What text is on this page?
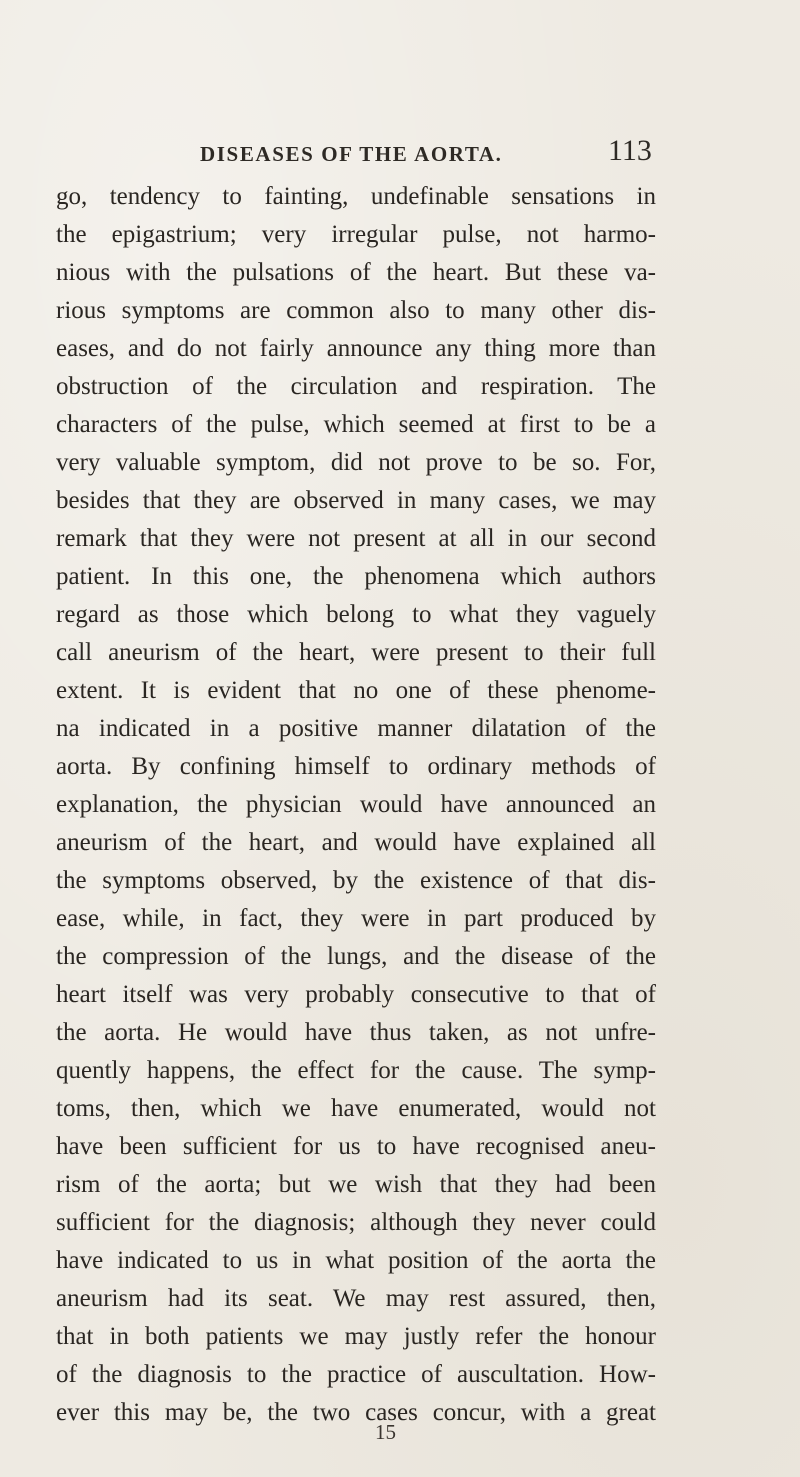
DISEASES OF THE AORTA.	113
go, tendency to fainting, undefinable sensations in
the epigastrium; very irregular pulse, not harmo-
nious with the pulsations of the heart. But these va-
rious symptoms are common also to many other dis-
eases, and do not fairly announce any thing more than
obstruction of the circulation and respiration. The
characters of the pulse, which seemed at first to be a
very valuable symptom, did not prove to be so. For,
besides that they are observed in many cases, we may
remark that they were not present at all in our second
patient. In this one, the phenomena which authors
regard as those which belong to what they vaguely
call aneurism of the heart, were present to their full
extent. It is evident that no one of these phenome-
na indicated in a positive manner dilatation of the
aorta. By confining himself to ordinary methods of
explanation, the physician would have announced an
aneurism of the heart, and would have explained all
the symptoms observed, by the existence of that dis-
ease, while, in fact, they were in part produced by
the compression of the lungs, and the disease of the
heart itself was very probably consecutive to that of
the aorta. He would have thus taken, as not unfre-
quently happens, the effect for the cause. The symp-
toms, then, which we have enumerated, would not
have been sufficient for us to have recognised aneu-
rism of the aorta; but we wish that they had been
sufficient for the diagnosis; although they never could
have indicated to us in what position of the aorta the
aneurism had its seat. We may rest assured, then,
that in both patients we may justly refer the honour
of the diagnosis to the practice of auscultation. How-
ever this may be, the two cases concur, with a great
15
